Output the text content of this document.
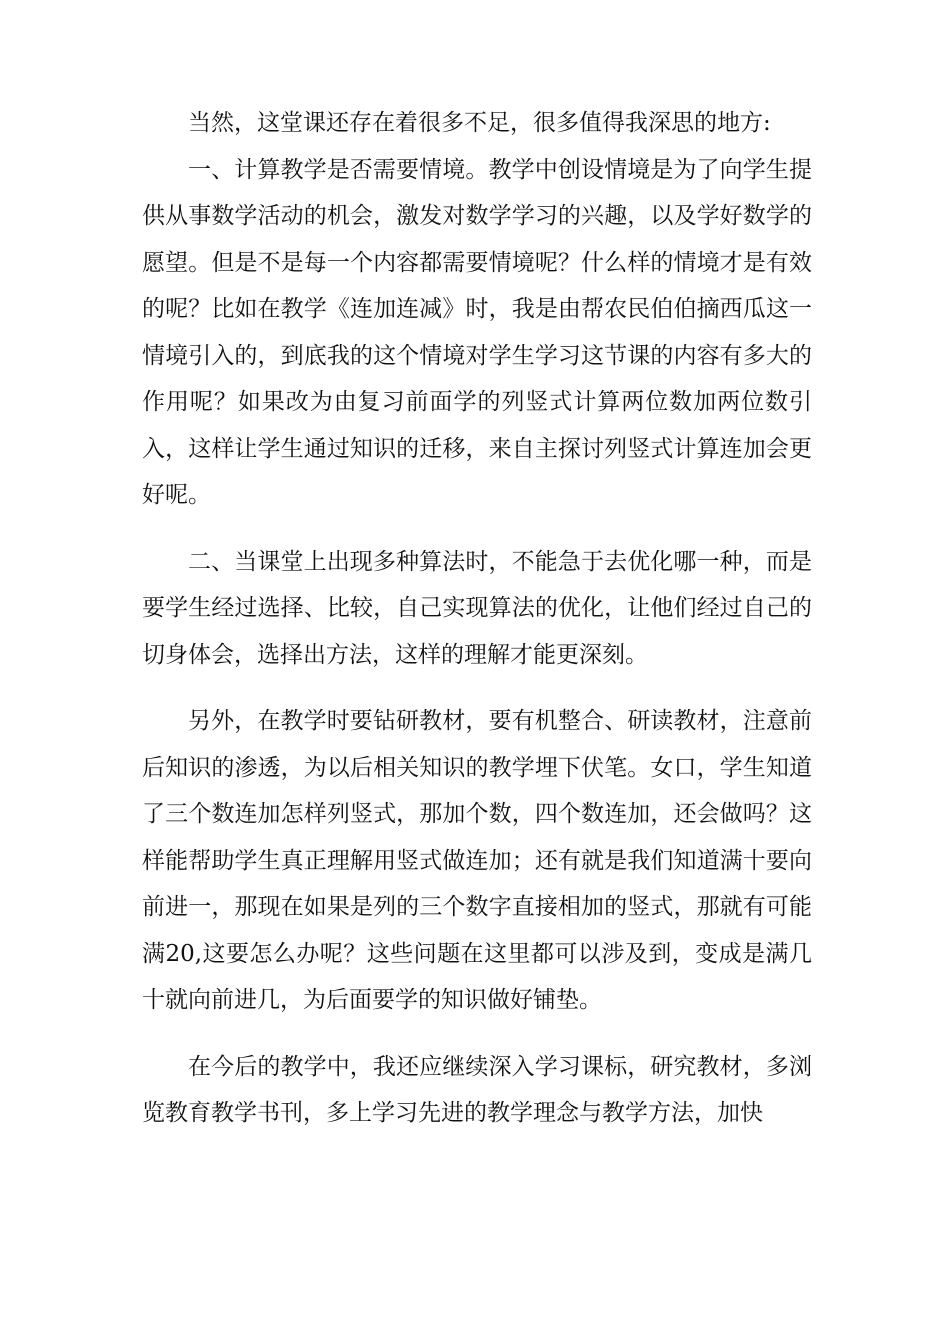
当然，这堂课还存在着很多不足，很多值得我深思的地方:

一、计算教学是否需要情境。教学中创设情境是为了向学生提供从事数学活动的机会，激发对数学学习的兴趣，以及学好数学的愿望。但是不是每一个内容都需要情境呢？什么样的情境才是有效的呢？比如在教学《连加连减》时，我是由帮农民伯伯摘西瓜这一情境引入的，到底我的这个情境对学生学习这节课的内容有多大的作用呢？如果改为由复习前面学的列竖式计算两位数加两位数引入，这样让学生通过知识的迁移，来自主探讨列竖式计算连加会更好呢。

二、当课堂上出现多种算法时，不能急于去优化哪一种，而是要学生经过选择、比较，自己实现算法的优化，让他们经过自己的切身体会，选择出方法，这样的理解才能更深刻。

另外，在教学时要钻研教材，要有机整合、研读教材，注意前后知识的渗透，为以后相关知识的教学埋下伏笔。女口，学生知道了三个数连加怎样列竖式，那加个数，四个数连加，还会做吗？这样能帮助学生真正理解用竖式做连加；还有就是我们知道满十要向前进一，那现在如果是列的三个数字直接相加的竖式，那就有可能满20,这要怎么办呢？这些问题在这里都可以涉及到，变成是满几十就向前进几，为后面要学的知识做好铺垫。

在今后的教学中，我还应继续深入学习课标，研究教材，多浏览教育教学书刊，多上学习先进的教学理念与教学方法，加快
